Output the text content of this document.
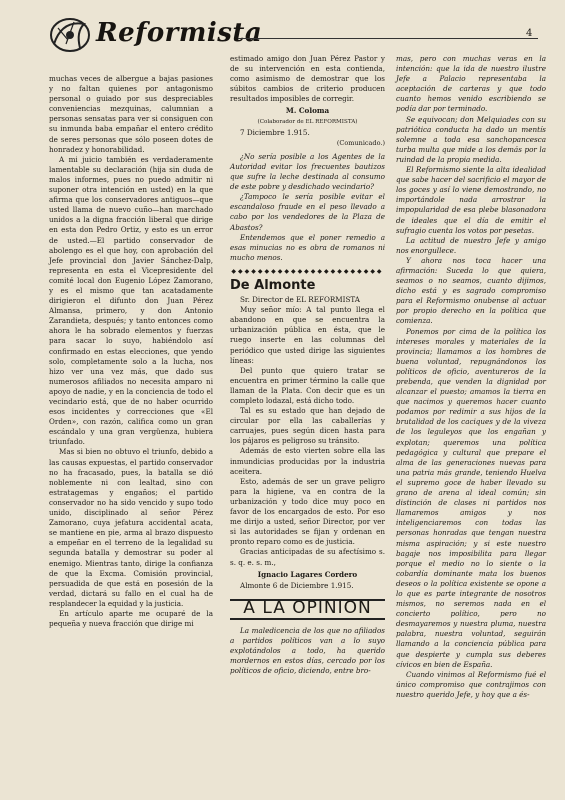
Reformista	4

muchas veces de albergue a bajas pasiones y no faltan quienes por antagonismo personal o guiado por sus despreciables conveniencias mezquinas, calumnian a personas sensatas para ver si consiguen con su inmunda baba empañar el entero crédito de seres personas que sólo poseen dotes de honradez y honorabilidad.

A mi juicio también es verdaderamente lamentable su declaración (hija sin duda de malos informes, pues no puedo admitir ni suponer otra intención en usted) en la que afirma que los conservadores antiguos—que usted llama de nuevo cuño—han marchado unidos a la digna fracción liberal que dirige en esta don Pedro Ortiz, y esto es un error de usted.—El partido conservador de abolengo es el que hoy, con aprobación del Jefe provincial don Javier Sánchez-Dalp, representa en esta el Vicepresidente del comité local don Eugenio López Zamorano, y es el mismo que tan acatadamente dirigieron el difunto don Juan Pérez Almansa, primero, y don Antonio Zarandieta, después; y tanto entonces como ahora le ha sobrado elementos y fuerzas para sacar lo suyo, habiéndolo así confirmado en estas elecciones, que yendo solo, completamente solo a la lucha, nos hizo ver una vez más, que dado sus numerosos afiliados no necesita amparo ni apoyo de nadie, y en la conciencia de todo el vecindario está, que de no haber ocurrido esos incidentes y correcciones que «El Orden», con razón, califica como un gran escándalo y una gran vergüenza, hubiera triunfado.

Mas si bien no obtuvo el triunfo, debido a las causas expuestas, el partido conservador no ha fracasado, pues, la batalla se dió noblemente ni con lealtad, sino con estratagemas y engaños; el partido conservador no ha sido vencido y supo todo unido, disciplinado al señor Pérez Zamorano, cuya jefatura accidental acata, se mantiene en pie, arma al brazo dispuesto a empeñar en el terreno de la legalidad su segunda batalla y demostrar su poder al enemigo. Mientras tanto, dirige la confianza de que la Excma. Comisión provincial, persuadida de que está en posesión de la verdad, dictará su fallo en el cual ha de resplandecer la equidad y la justicia.

En artículo aparte me ocuparé de la pequeña y nueva fracción que dirige mi

estimado amigo don Juan Pérez Pastor y de su intervención en esta contienda, como asimismo de demostrar que los súbitos cambios de criterio producen resultados imposibles de corregir.

M. Coloma

(Colaborador de EL REFORMISTA)

7 Diciembre 1.915.

(Comunicado.)

¿No sería posible a los Agentes de la Autoridad evitar los frecuentes bautizos que sufre la leche destinada al consumo de este pobre y desdichado vecindario?

¿Tampoco le sería posible evitar el escandaloso fraude en el peso llevado a cabo por los vendedores de la Plaza de Abastos?

Entendemos que el poner remedio a esas minucias no es obra de romanos ni mucho menos.

◆◆◆◆◆◆◆◆◆◆◆◆◆◆◆◆◆◆◆◆◆◆◆

De Almonte

Sr. Director de EL REFORMISTA

Muy señor mío: A tal punto llega el abandono en que se encuentra la urbanización pública en ésta, que le ruego inserte en las columnas del periódico que usted dirige las siguientes líneas:

Del punto que quiero tratar se encuentra en primer término la calle que llaman de la Plata. Con decir que es un completo lodazal, está dicho todo.

Tal es su estado que han dejado de circular por ella las caballerías y carruajes, pues según dicen hasta para los pájaros es peligroso su tránsito.

Además de esto vierten sobre ella las inmundicias producidas por la industria aceitera.

Esto, además de ser un grave peligro para la higiene, va en contra de la urbanización y todo dice muy poco en favor de los encargados de esto. Por eso me dirijo a usted, señor Director, por ver si las autoridades se fijan y ordenan en pronto reparo como es de justicia.

Gracias anticipadas de su afectísimo s. s. q. e. s. m.,

Ignacio Lagares Cordero

Almonte 6 de Diciembre 1.915.

A LA OPINION

La maledicencia de los que no afiliados a partidos políticos van a lo suyo explotándolos a todo, ha querido mordernos en estos días, cercado por los políticos de oficio, diciendo, entre bro-

mas, pero con muchas veras en la intención: que la ida de nuestro ilustre Jefe a Palacio representaba la aceptación de carteras y que todo cuanto hemos venido escribiendo se podía dar por terminado.

Se equivocan; don Melquiades con su patriótica conducta ha dado un mentís solemne a toda esa sanchopancesca turba multa que mide a los demás por la ruindad de la propia medida.

El Reformismo siente la alta idealidad que sabe hacer del sacrificio el mayor de los goces y así lo viene demostrando, no importándole nada arrostrar la impopularidad de esa plebe blasonadora de ideales que el día de emitir el sufragio cuenta los votos por pesetas.

La actitud de nuestro Jefe y amigo nos enorgullece.

Y ahora nos toca hacer una afirmación: Suceda lo que quiera, seamos o no seamos, cuanto dijimos, dicho está y es sagrado compromiso para el Reformismo onubense al actuar por propio derecho en la política que comienza.

Ponemos por cima de la política los intereses morales y materiales de la provincia; llamamos a los hombres de buena voluntad, repugnándonos los políticos de oficio, aventureros de la prebenda, que venden la dignidad por alcanzar el puesto; amamos la tierra en que nacimos y queremos hacer cuanto podamos por redimir a sus hijos de la brutalidad de los caciques y de la viveza de los leguleyos que los engañan y explotan; queremos una política pedagógica y cultural que prepare el alma de las generaciones nuevas para una patria más grande, teniendo Huelva el supremo goce de haber llevado su grano de arena al ideal común; sin distinción de clases ni partidos nos llamaremos amigos y nos inteligenciaremos con todas las personas honradas que tengan nuestra misma aspiración; y si este nuestro bagaje nos imposibilita para llegar porque el medio no lo siente o la cobardía dominante mata los buenos deseos o la política existente se opone a lo que es parte integrante de nosotros mismos, no seremos nada en el concierto político, pero no desmayaremos y nuestra pluma, nuestra palabra, nuestra voluntad, seguirán llamando a la conciencia pública para que despierte y cumpla sus deberes cívicos en bien de España.

Cuando vinimos al Reformismo fué el único compromiso que contrajimos con nuestro querido Jefe, y hoy que a és-
